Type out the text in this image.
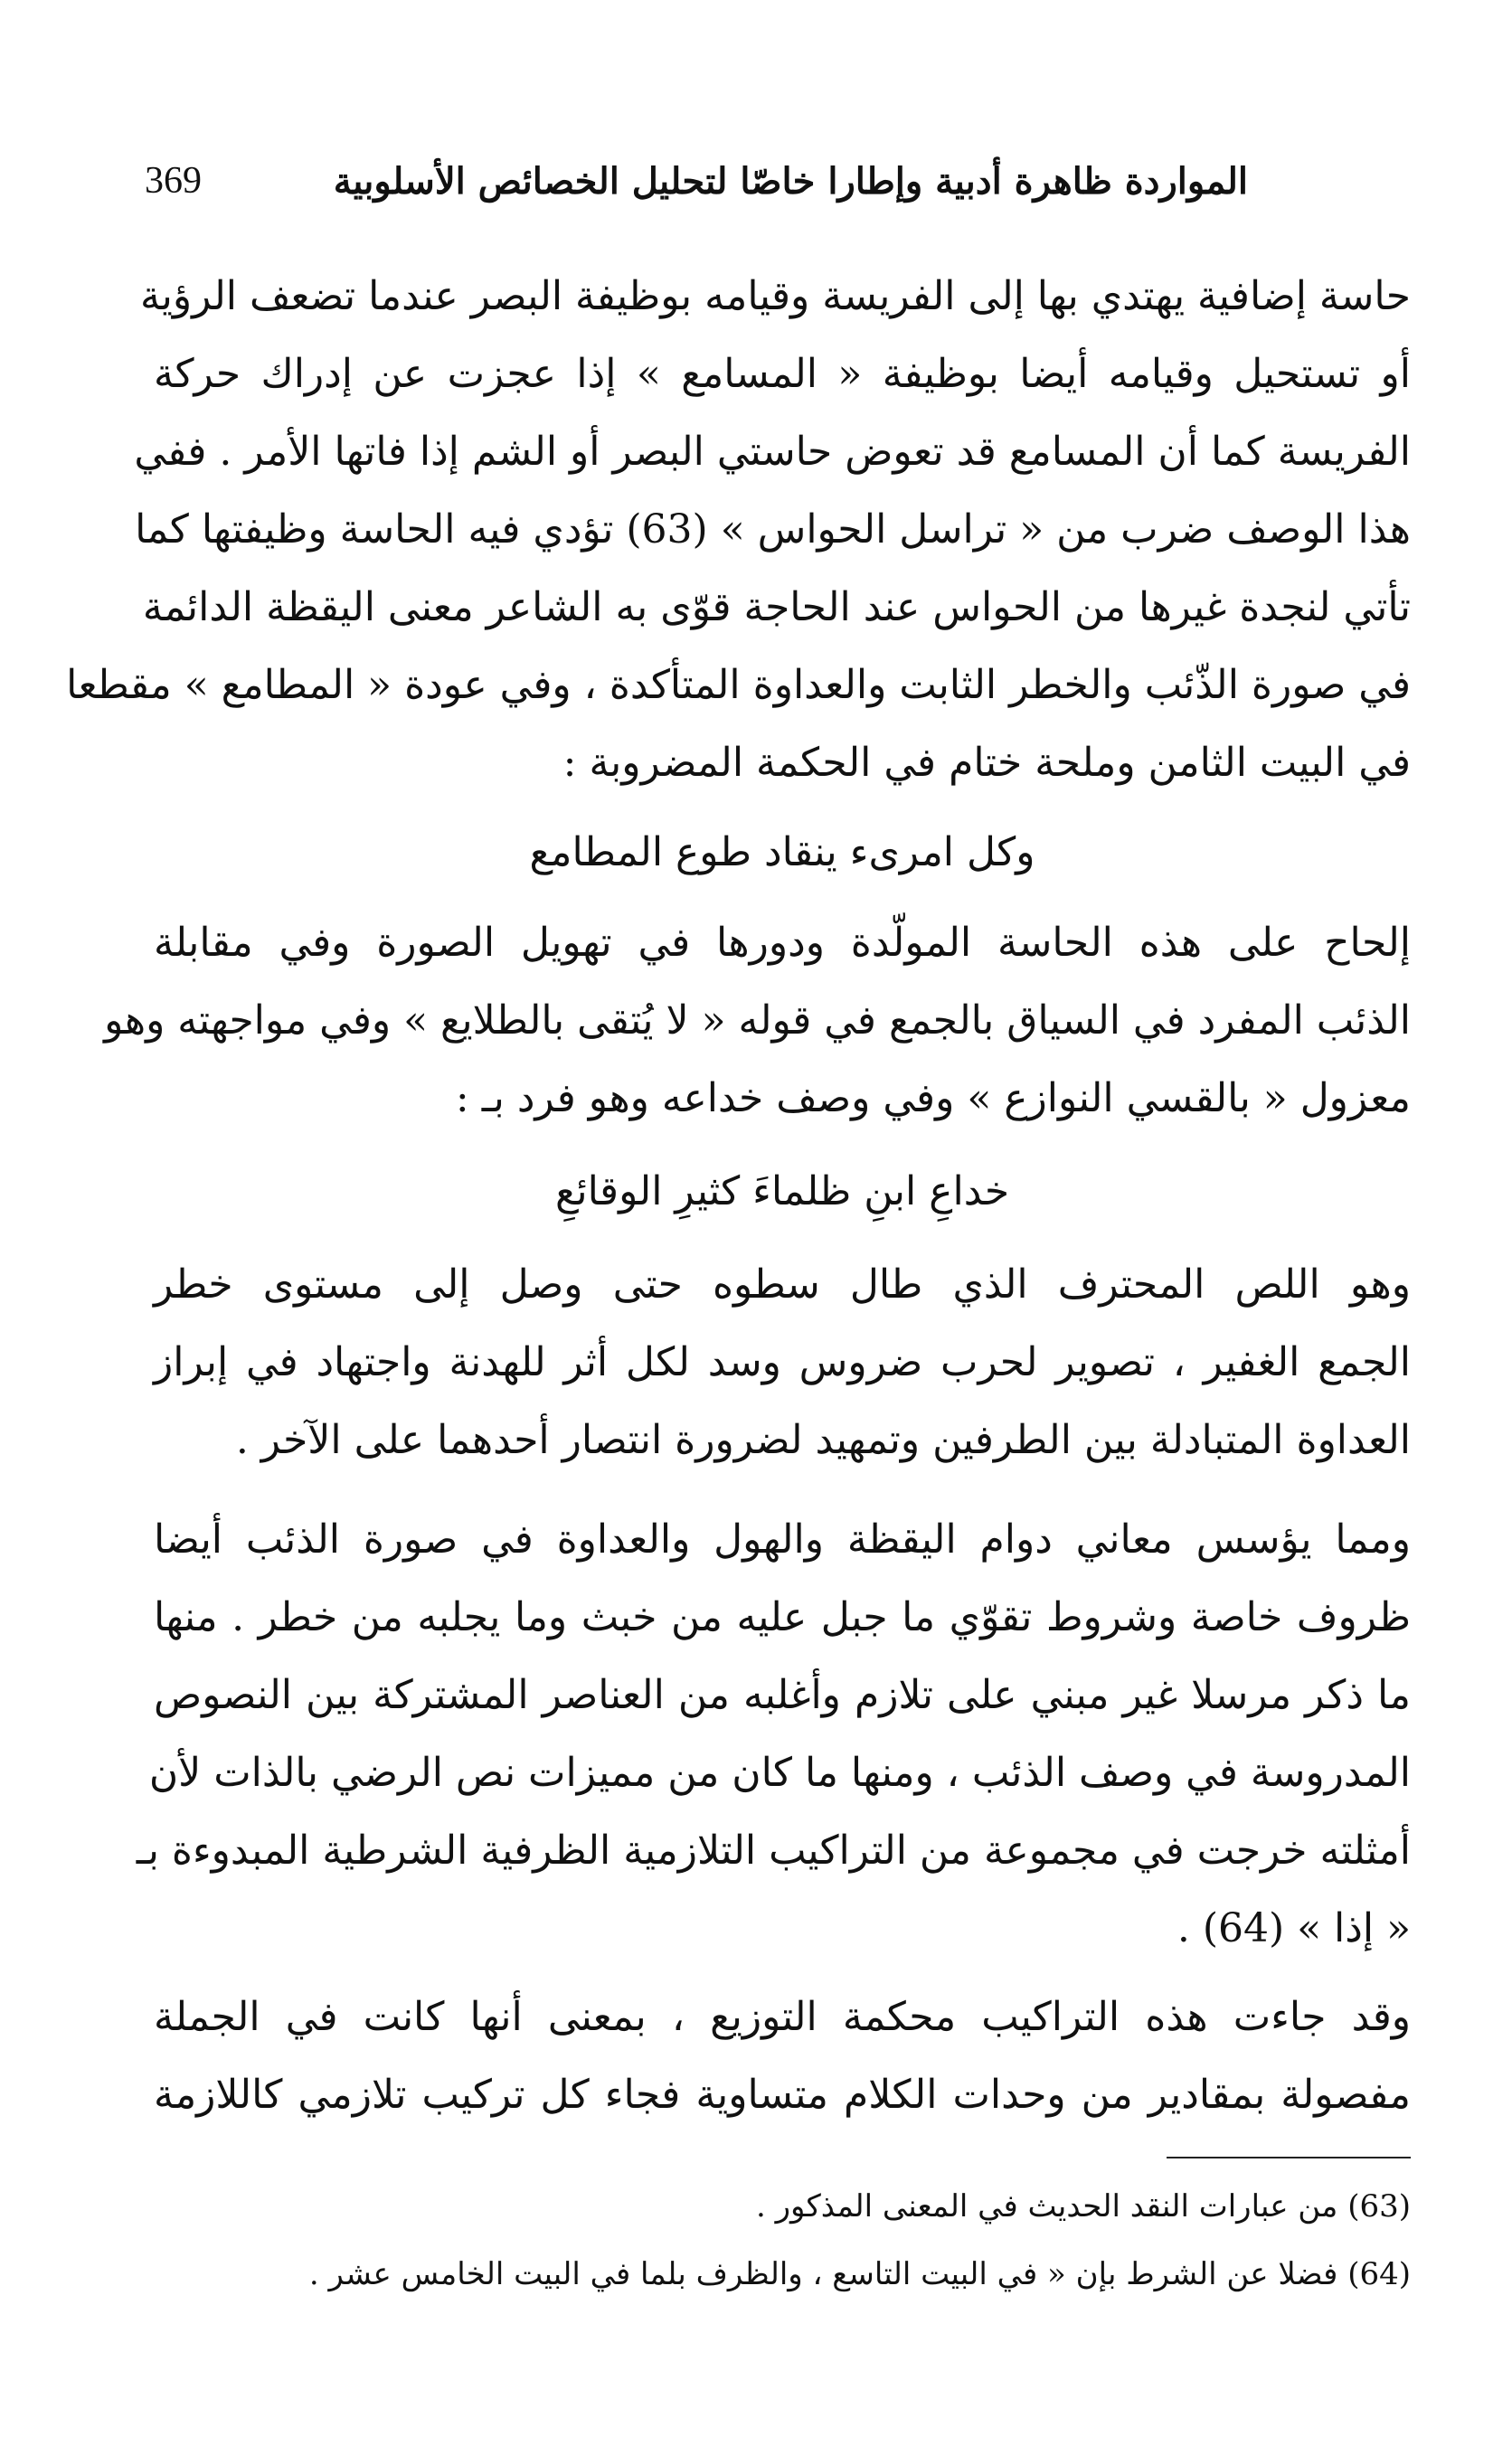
369	المواردة ظاهرة أدبية وإطارا خاصّا لتحليل الخصائص الأسلوبية
حاسة إضافية يهتدي بها إلى الفريسة وقيامه بوظيفة البصر عندما تضعف الرؤية
أو تستحيل وقيامه أيضا بوظيفة « المسامع » إذا عجزت عن إدراك حركة
الفريسة كما أن المسامع قد تعوض حاستي البصر أو الشم إذا فاتها الأمر . ففي
هذا الوصف ضرب من « تراسل الحواس » (63) تؤدي فيه الحاسة وظيفتها كما
تأتي لنجدة غيرها من الحواس عند الحاجة قوّى به الشاعر معنى اليقظة الدائمة
في صورة الذّئب والخطر الثابت والعداوة المتأكدة ، وفي عودة « المطامع » مقطعا
في البيت الثامن وملحة ختام في الحكمة المضروبة :
وكل امرىء ينقاد طوع المطامع
إلحاح على هذه الحاسة المولّدة ودورها في تهويل الصورة وفي مقابلة
الذئب المفرد في السياق بالجمع في قوله « لا يُتقى بالطلايع » وفي مواجهته وهو
معزول « بالقسي النوازع » وفي وصف خداعه وهو فرد بـ :
خداعِ ابنِ ظلماءَ كثيرِ الوقائعِ
وهو اللص المحترف الذي طال سطوه حتى وصل إلى مستوى خطر
الجمع الغفير ، تصوير لحرب ضروس وسد لكل أثر للهدنة واجتهاد في إبراز
العداوة المتبادلة بين الطرفين وتمهيد لضرورة انتصار أحدهما على الآخر .
ومما يؤسس معاني دوام اليقظة والهول والعداوة في صورة الذئب أيضا
ظروف خاصة وشروط تقوّي ما جبل عليه من خبث وما يجلبه من خطر . منها
ما ذكر مرسلا غير مبني على تلازم وأغلبه من العناصر المشتركة بين النصوص
المدروسة في وصف الذئب ، ومنها ما كان من مميزات نص الرضي بالذات لأن
أمثلته خرجت في مجموعة من التراكيب التلازمية الظرفية الشرطية المبدوءة بـ
« إذا » (64) .
وقد جاءت هذه التراكيب محكمة التوزيع ، بمعنى أنها كانت في الجملة
مفصولة بمقادير من وحدات الكلام متساوية فجاء كل تركيب تلازمي كاللازمة
(63) من عبارات النقد الحديث في المعنى المذكور .
(64) فضلا عن الشرط بإن « في البيت التاسع ، والظرف بلما في البيت الخامس عشر .
